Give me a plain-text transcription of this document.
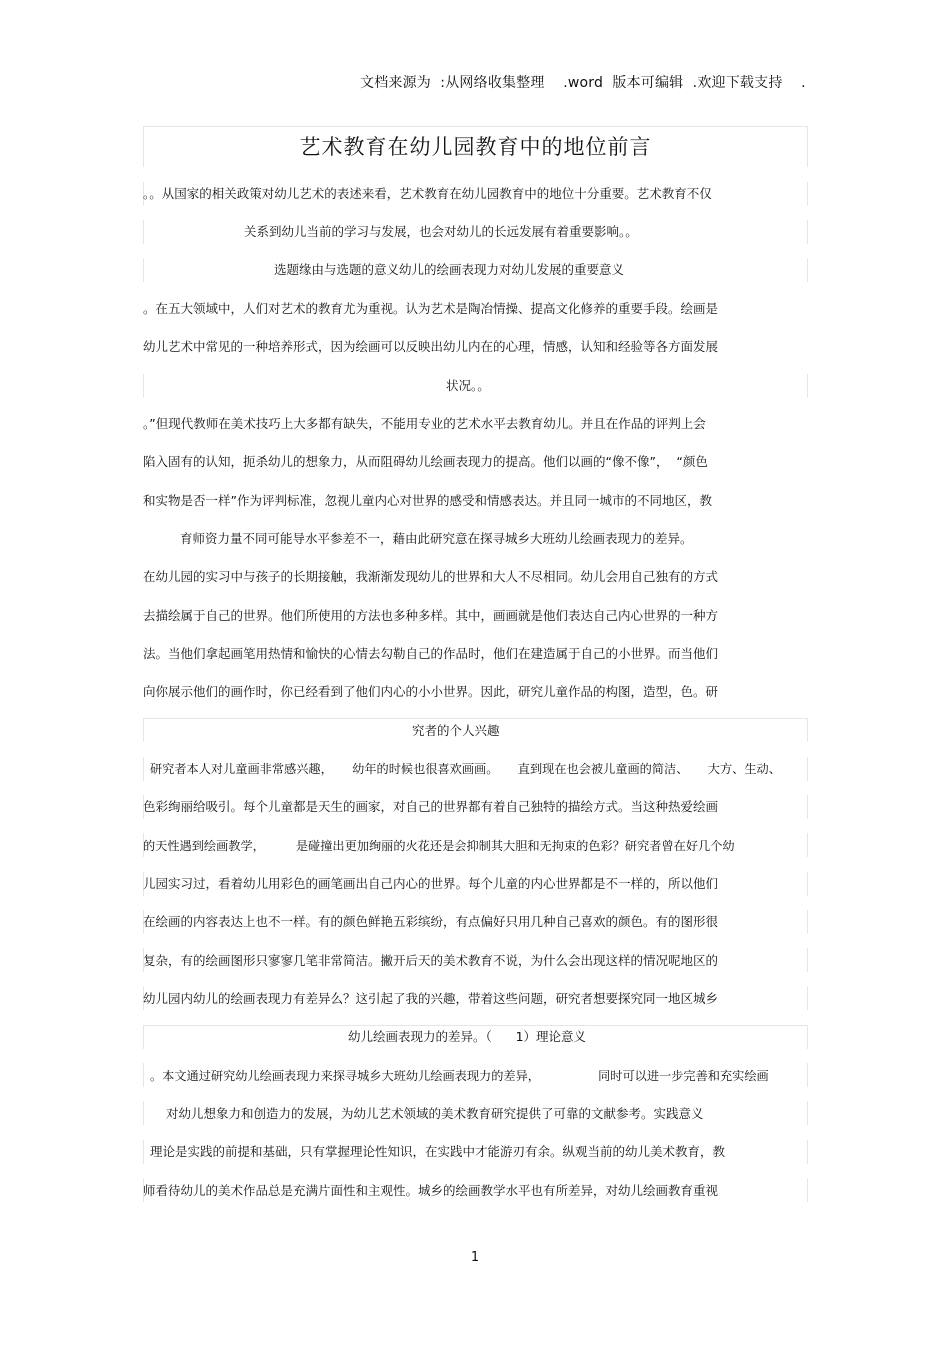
文档来源为  :从网络收集整理    .word  版本可编辑  .欢迎下载支持    .
艺术教育在幼儿园教育中的地位前言
。。从国家的相关政策对幼儿艺术的表述来看，艺术教育在幼儿园教育中的地位十分重要。艺术教育不仅
关系到幼儿当前的学习与发展，也会对幼儿的长远发展有着重要影响。。
选题缘由与选题的意义幼儿的绘画表现力对幼儿发展的重要意义
。在五大领域中，人们对艺术的教育尤为重视。认为艺术是陶冶情操、提高文化修养的重要手段。绘画是
幼儿艺术中常见的一种培养形式，因为绘画可以反映出幼儿内在的心理，情感，认知和经验等各方面发展
状况。。
。”但现代教师在美术技巧上大多都有缺失，不能用专业的艺术水平去教育幼儿。并且在作品的评判上会
陷入固有的认知，扼杀幼儿的想象力，从而阻碍幼儿绘画表现力的提高。他们以画的“像不像”，  “颜色
和实物是否一样”作为评判标准，忽视儿童内心对世界的感受和情感表达。并且同一城市的不同地区，教
育师资力量不同可能导水平参差不一，藉由此研究意在探寻城乡大班幼儿绘画表现力的差异。
在幼儿园的实习中与孩子的长期接触，我渐渐发现幼儿的世界和大人不尽相同。幼儿会用自己独有的方式
去描绘属于自己的世界。他们所使用的方法也多种多样。其中，画画就是他们表达自己内心世界的一种方
法。当他们拿起画笔用热情和愉快的心情去勾勒自己的作品时，他们在建造属于自己的小世界。而当他们
向你展示他们的画作时，你已经看到了他们内心的小小世界。因此，研究儿童作品的构图，造型，色。研
究者的个人兴趣
研究者本人对儿童画非常感兴趣，     幼年的时候也很喜欢画画。     直到现在也会被儿童画的简洁、     大方、生动、
色彩绚丽给吸引。每个儿童都是天生的画家，对自己的世界都有着自己独特的描绘方式。当这种热爱绘画
的天性遇到绘画教学，        是碰撞出更加绚丽的火花还是会抑制其大胆和无拘束的色彩？研究者曾在好几个幼
儿园实习过，看着幼儿用彩色的画笔画出自己内心的世界。每个儿童的内心世界都是不一样的，所以他们
在绘画的内容表达上也不一样。有的颜色鲜艳五彩缤纷，有点偏好只用几种自己喜欢的颜色。有的图形很
复杂，有的绘画图形只寥寥几笔非常简洁。撇开后天的美术教育不说，为什么会出现这样的情况呢地区的
幼儿园内幼儿的绘画表现力有差异么？这引起了我的兴趣，带着这些问题，研究者想要探究同一地区城乡
幼儿绘画表现力的差异。（      1）理论意义
。本文通过研究幼儿绘画表现力来探寻城乡大班幼儿绘画表现力的差异，               同时可以进一步完善和充实绘画
对幼儿想象力和创造力的发展，为幼儿艺术领域的美术教育研究提供了可靠的文献参考。实践意义
理论是实践的前提和基础，只有掌握理论性知识，在实践中才能游刃有余。纵观当前的幼儿美术教育，教
师看待幼儿的美术作品总是充满片面性和主观性。城乡的绘画教学水平也有所差异，对幼儿绘画教育重视
1
